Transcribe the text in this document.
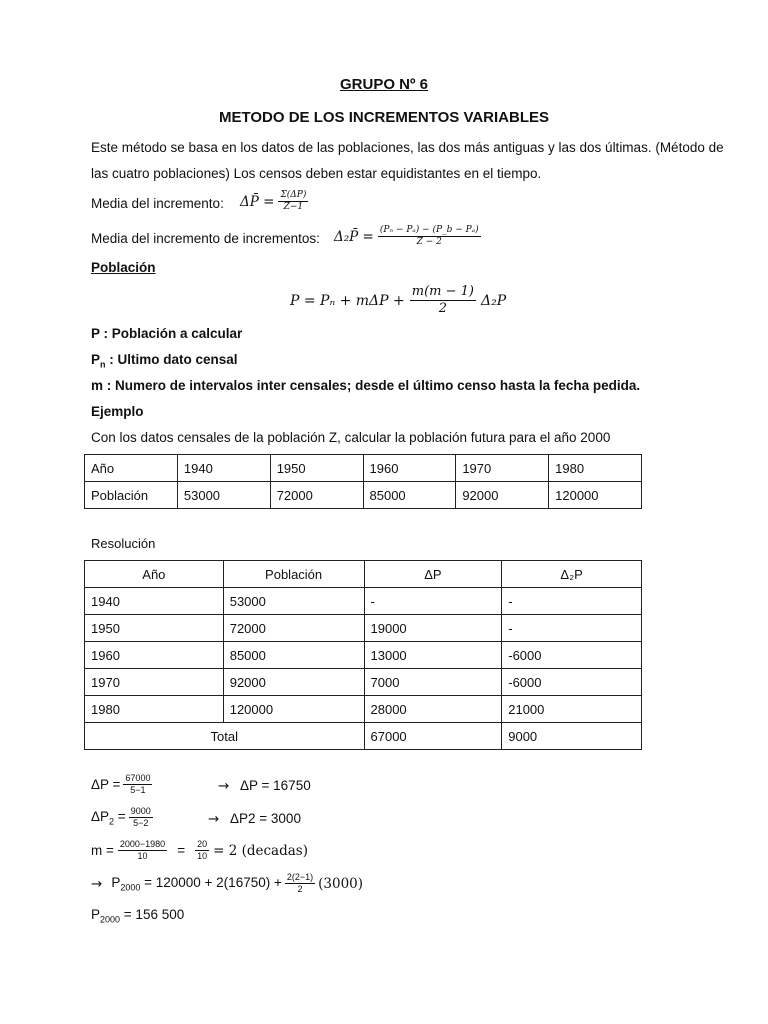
GRUPO Nº 6
METODO DE LOS INCREMENTOS VARIABLES
Este método se basa en los datos de las poblaciones, las dos más antiguas y las dos últimas. (Método de
las cuatro poblaciones) Los censos deben estar equidistantes en el tiempo.
Media del incremento: ΔP̄ = $\frac{\Sigma(\Delta P)}{Z-1}$
Media del incremento de incrementos: Δ₂P̄ = $\frac{\text{(Pₙ − Pₐ) − (P\_b − Pₐ)}}{Z - 2}$
Población
$P = P_n + m\Delta P + \frac{m(m - 1)}{2} \Delta_2P$
P : Población a calcular
$P_n$ : Ultimo dato censal
m : Numero de intervalos inter censales; desde el último censo hasta la fecha pedida.
Ejemplo
Con los datos censales de la población Z, calcular la población futura para el año 2000
Año	1940	1950	1960	1970	1980
Población	53000	72000	85000	92000	120000
Resolución
Año	Población	ΔP	Δ₂P
1940	53000	-	-
1950	72000	19000	-
1960	85000	13000	-6000
1970	92000	7000	-6000
1980	120000	28000	21000
Total		67000	9000
$\Delta P = \frac{67000}{5-1}$	→ ΔP = 16750
$\Delta P_2 = \frac{9000}{5-2}$	→ ΔP2 = 3000
$m = \frac{2000-1980}{10}$ =	$\frac{20}{10} = 2$ (decadas)
→ $P_{2000} = 120000 + 2(16750) + \frac{2(2-1)}{2} (3000)$
$P_{2000} = 156$ 500
